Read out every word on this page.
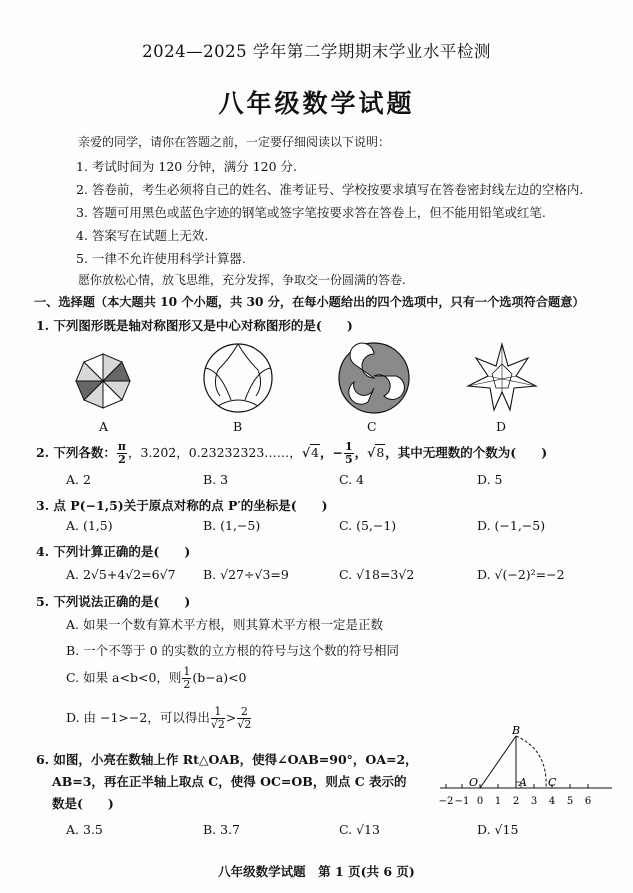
2024—2025 学年第二学期期末学业水平检测
八年级数学试题
亲爱的同学，请你在答题之前，一定要仔细阅读以下说明：
1. 考试时间为 120 分钟，满分 120 分.
2. 答卷前，考生必须将自己的姓名、准考证号、学校按要求填写在答卷密封线左边的空格内.
3. 答题可用黑色或蓝色字迹的钢笔或签字笔按要求答在答卷上，但不能用铅笔或红笔.
4. 答案写在试题上无效.
5. 一律不允许使用科学计算器.
愿你放松心情，放飞思维，充分发挥，争取交一份圆满的答卷.
一、选择题（本大题共 10 个小题，共 30 分，在每小题给出的四个选项中，只有一个选项符合题意）
1. 下列图形既是轴对称图形又是中心对称图形的是(　　)
A	B	C	D
2. 下列各数： $\frac{\pi}{2}$ ，3.20̇2̇，0.23232323……，√4，− $\frac{1}{5}$ ，√8，其中无理数的个数为(　　)
A. 2	B. 3	C. 4	D. 5
3. 点 P(−1,5)关于原点对称的点 P′的坐标是(　　)
A. (1,5)	B. (1,−5)	C. (5,−1)	D. (−1,−5)
4. 下列计算正确的是(　　)
A. 2√5+4√2=6√7 B. √27÷√3=9	C. √18=3√2	D. √(−2)²=−2
5. 下列说法正确的是(　　)
A. 如果一个数有算术平方根，则其算术平方根一定是正数
B. 一个不等于 0 的实数的立方根的符号与这个数的符号相同
C. 如果 a<b<0，则 $\frac{1}{2} (b-a)<0$
D. 由 −1>−2，可以得出 $\frac{1}{√2} > \frac{2}{√2}$
6. 如图，小亮在数轴上作 Rt△OAB，使得∠OAB=90°，OA=2，
AB=3，再在正半轴上取点 C，使得 OC=OB，则点 C 表示的
数是(　　)
B
O	A C
−2 −1 0 1 2 3 4 5 6
A. 3.5	B. 3.7	C. √13	D. √15
八年级数学试题　第 1 页(共 6 页)
